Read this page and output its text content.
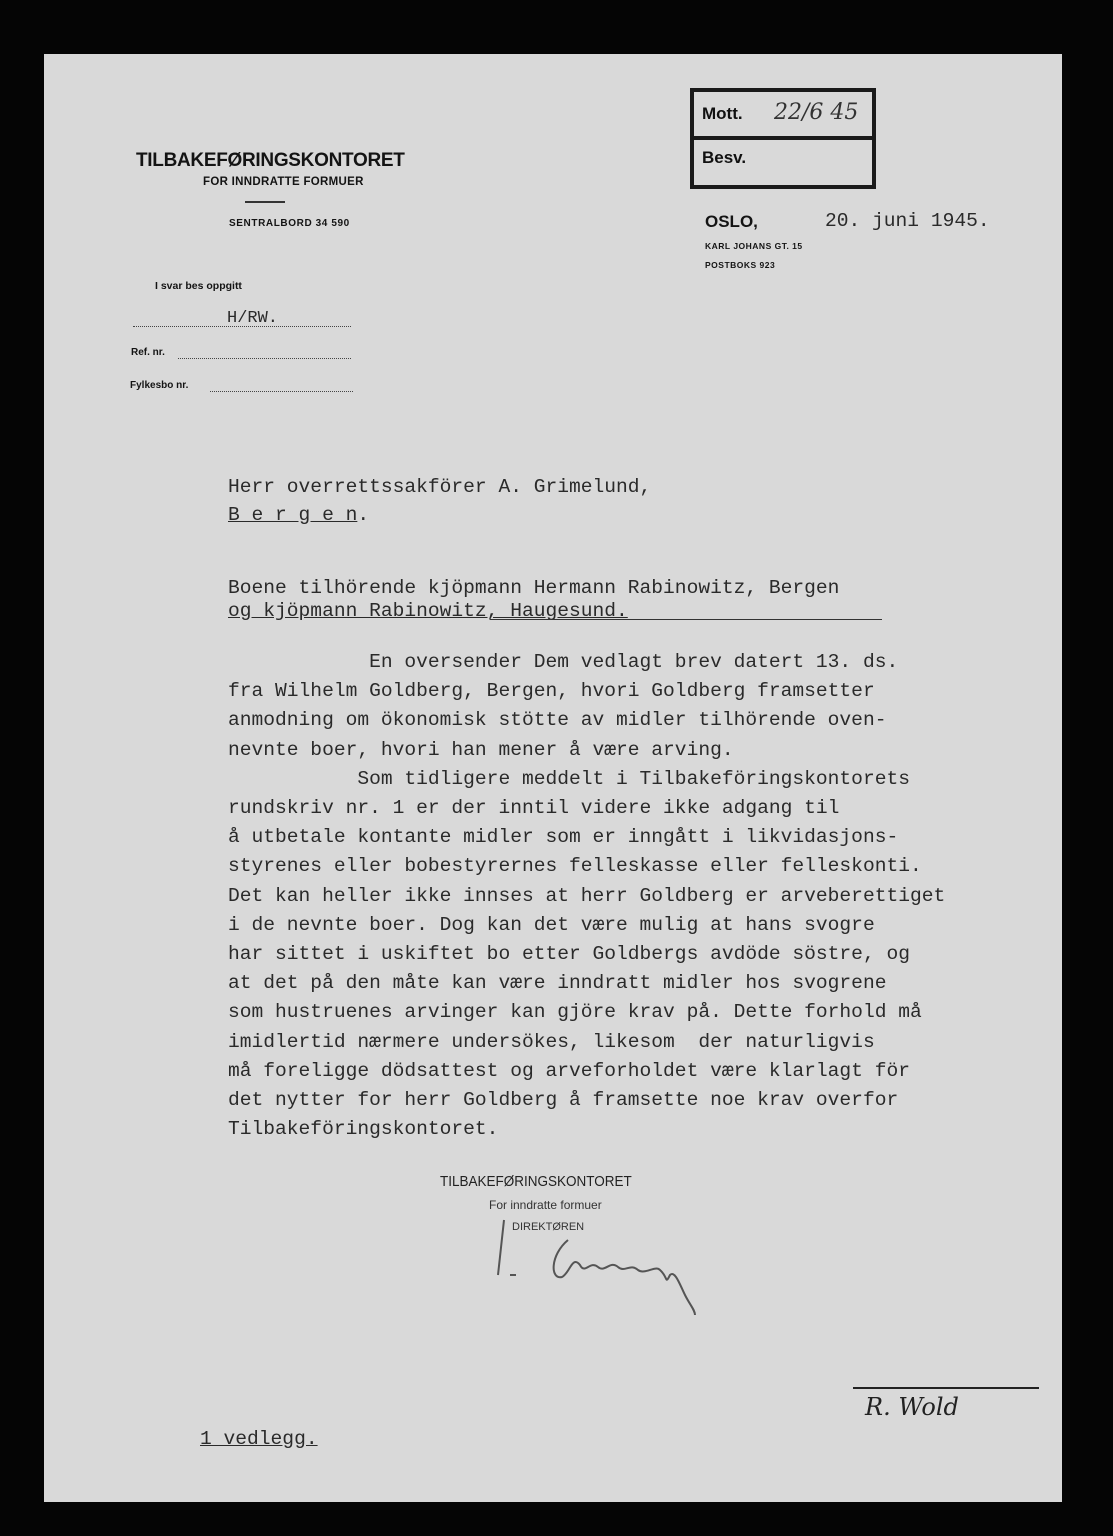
TILBAKEFØRINGSKONTORET
FOR INNDRATTE FORMUER
SENTRALBORD 34 590
I svar bes oppgitt
H/RW.
Ref. nr.
Fylkesbo nr.
Mott. 22/6 45
Besv.
OSLO,	20. juni 1945.
KARL JOHANS GT. 15
POSTBOKS 923
Herr overrettssakförer A. Grimelund,
B e r g e n.
Boene tilhörende kjöpmann Hermann Rabinowitz, Bergen
og kjöpmann Rabinowitz, Haugesund.
En oversender Dem vedlagt brev datert 13. ds.
fra Wilhelm Goldberg, Bergen, hvori Goldberg framsetter
anmodning om ökonomisk stötte av midler tilhörende oven-
nevnte boer, hvori han mener å være arving.
Som tidligere meddelt i Tilbakeföringskontorets
rundskriv nr. 1 er der inntil videre ikke adgang til
å utbetale kontante midler som er inngått i likvidasjons-
styrenes eller bobestyrernes felleskasse eller felleskonti.
Det kan heller ikke innses at herr Goldberg er arveberettiget
i de nevnte boer. Dog kan det være mulig at hans svogre
har sittet i uskiftet bo etter Goldbergs avdöde söstre, og
at det på den måte kan være inndratt midler hos svogrene
som hustruenes arvinger kan gjöre krav på. Dette forhold må
imidlertid nærmere undersökes, likesom  der naturligvis
må foreligge dödsattest og arveforholdet være klarlagt för
det nytter for herr Goldberg å framsette noe krav overfor
Tilbakeföringskontoret.
TILBAKEFØRINGSKONTORET
For inndratte formuer
DIREKTØREN
R. Wold
1 vedlegg.
